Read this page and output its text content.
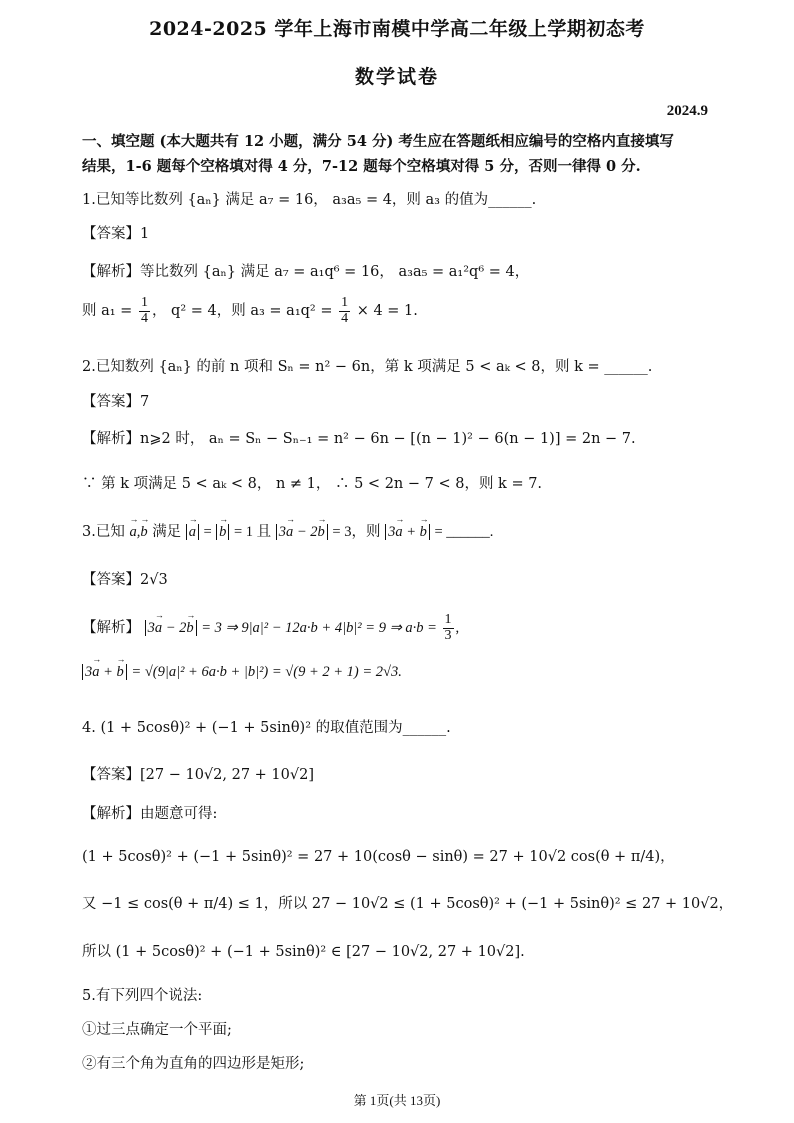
2024-2025 学年上海市南模中学高二年级上学期初态考
数学试卷
2024.9
一、填空题 (本大题共有 12 小题，满分 54 分) 考生应在答题纸相应编号的空格内直接填写
结果，1-6 题每个空格填对得 4 分，7-12 题每个空格填对得 5 分，否则一律得 0 分.
1.已知等比数列 {aₙ} 满足 a₇ = 16， a₃a₅ = 4，则 a₃ 的值为______.
【答案】1
【解析】等比数列 {aₙ} 满足 a₇ = a₁q⁶ = 16， a₃a₅ = a₁²q⁶ = 4，
则 $a_1 = \frac{1}{4}$ ， q² = 4，则 $a_3 = a_1q^2 = \frac{1}{4} \times 4 = 1$.
2.已知数列 {aₙ} 的前 n 项和 Sₙ = n² − 6n，第 k 项满足 5 < aₖ < 8，则 k = ______.
【答案】7
【解析】n⩾2 时， aₙ = Sₙ − Sₙ₋₁ = n² − 6n − [(n − 1)² − 6(n − 1)] = 2n − 7.
∵ 第 k 项满足 5 < aₖ < 8， n ≠ 1， ∴ 5 < 2n − 7 < 8，则 k = 7.
3.已知 → a,→ b 满足 → a = → b = 1 且 3→ a − 2→ b = 3，则 3→ a + → b = ______.
【答案】2√3
【解析】 3→ a − 2→ b = 3 ⇒ 9|a|² − 12a·b + 4|b|² = 9 ⇒ $a\cdot b = \frac{1}{3}$ ,
3→ a + → b = √(9|a|² + 6a·b + |b|²) = √(9 + 2 + 1) = 2√3.
4. (1 + 5cosθ)² + (−1 + 5sinθ)² 的取值范围为______.
【答案】[27 − 10√2, 27 + 10√2]
【解析】由题意可得:
(1 + 5cosθ)² + (−1 + 5sinθ)² = 27 + 10(cosθ − sinθ) = 27 + 10√2 cos(θ + π/4)，
又 −1 ≤ cos(θ + π/4) ≤ 1，所以 27 − 10√2 ≤ (1 + 5cosθ)² + (−1 + 5sinθ)² ≤ 27 + 10√2，
所以 (1 + 5cosθ)² + (−1 + 5sinθ)² ∈ [27 − 10√2, 27 + 10√2].
5.有下列四个说法:
①过三点确定一个平面;
②有三个角为直角的四边形是矩形;
第 1页(共 13页)
